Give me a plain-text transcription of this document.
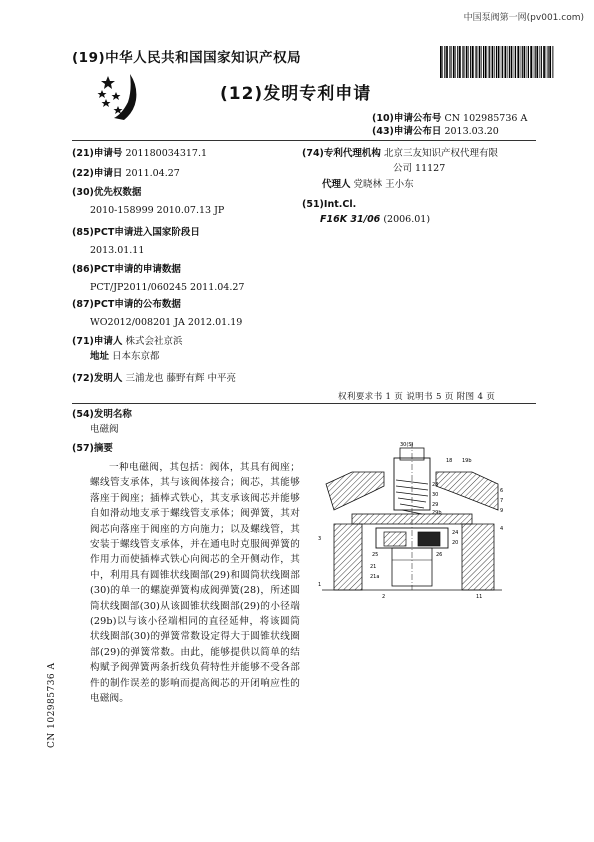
中国泵阀第一网(pv001.com)
(19)中华人民共和国国家知识产权局
(12)发明专利申请
(10)申请公布号 CN 102985736 A
(43)申请公布日 2013.03.20
(21)申请号 201180034317.1
(22)申请日 2011.04.27
(30)优先权数据
2010-158999 2010.07.13 JP
(85)PCT申请进入国家阶段日
2013.01.11
(86)PCT申请的申请数据
PCT/JP2011/060245 2011.04.27
(87)PCT申请的公布数据
WO2012/008201 JA 2012.01.19
(71)申请人 株式会社京浜
地址 日本东京都
(72)发明人 三浦龙也 藤野有辉 中平亮
(74)专利代理机构 北京三友知识产权代理有限
公司 11127
代理人 党晓林 王小东
(51)Int.Cl.
F16K 31/06 (2006.01)
权利要求书 1 页 说明书 5 页 附图 4 页
(54)发明名称
电磁阀
(57)摘要
一种电磁阀，其包括：阀体，其具有阀座；螺线管支承体，其与该阀体接合；阀芯，其能够落座于阀座；插棒式铁心，其支承该阀芯并能够自如滑动地支承于螺线管支承体；阀弹簧，其对阀芯向落座于阀座的方向施力；以及螺线管，其安装于螺线管支承体，并在通电时克服阀弹簧的作用力而使插棒式铁心向阀芯的全开侧动作，其中，利用具有圆锥状线圈部(29)和圆筒状线圈部(30)的单一的螺旋弹簧构成阀弹簧(28)，所述圆筒状线圈部(30)从该圆锥状线圈部(29)的小径端(29b)以与该小径端相同的直径延伸，将该圆筒状线圈部(30)的弹簧常数设定得大于圆锥状线圈部(29)的弹簧常数。由此，能够提供以简单的结构赋予阀弹簧两条折线负荷特性并能够不受各部件的制作误差的影响而提高阀芯的开闭响应性的电磁阀。
CN 102985736 A
30(S)
18 19b
28
30
6
7
9
29
29b
24
4
20
26
25
21
21a
3
1
2	11
